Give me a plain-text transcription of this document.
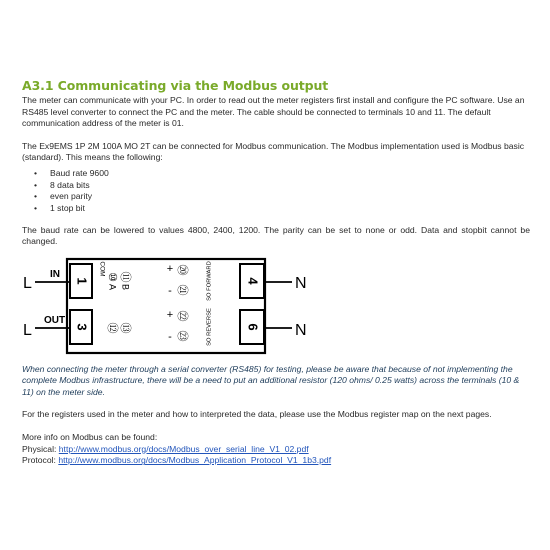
A3.1 Communicating via the Modbus output

The meter can communicate with your PC. In order to read out the meter registers first install and configure the PC software. Use an RS485 level converter to connect the PC and the meter. The cable should be connected to terminals 10 and 11. The default communication address of the meter is 01.

The Ex9EMS 1P 2M 100A MO 2T can be connected for Modbus communication. The Modbus implementation used is Modbus basic (standard). This means the following:

• Baud rate 9600
• 8 data bits
• even parity
• 1 stop bit

The baud rate can be lowered to values 4800, 2400, 1200. The parity can be set to none or odd. Data and stopbit cannot be changed.

1
3
4
6
L
IN
L
OUT
N
N
⑩ ⑪
A B
COM
⑫ ⑬
+
-
⑳
㉑	SO FORWARD
+
-
㉒
㉓	SO REVERSE

When connecting the meter through a serial converter (RS485) for testing, please be aware that because of not implementing the complete Modbus infrastructure, there will be a need to put an additional resistor (120 ohms/ 0.25 watts) across the terminals (10 & 11) on the meter side.

For the registers used in the meter and how to interpreted the data, please use the Modbus register map on the next pages.

More info on Modbus can be found:

Physical: http://www.modbus.org/docs/Modbus_over_serial_line_V1_02.pdf

Protocol: http://www.modbus.org/docs/Modbus_Application_Protocol_V1_1b3.pdf
